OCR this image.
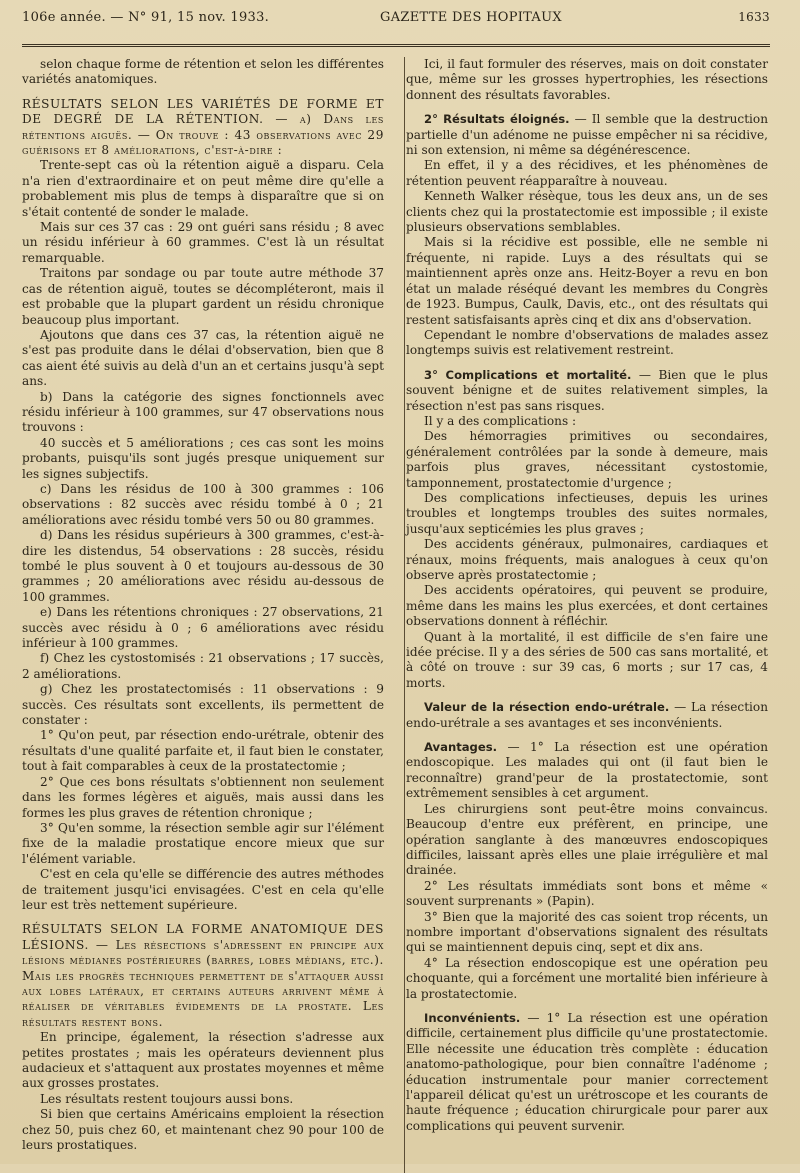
106e année. — N° 91, 15 nov. 1933.	GAZETTE DES HOPITAUX	1633

selon chaque forme de rétention et selon les différentes variétés anatomiques.

RÉSULTATS SELON LES VARIÉTÉS DE FORME ET DE DEGRÉ DE LA RÉTENTION. — a) Dans les rétentions aiguës. — On trouve : 43 observations avec 29 guérisons et 8 améliorations, c'est-à-dire :

Trente-sept cas où la rétention aiguë a disparu. Cela n'a rien d'extraordinaire et on peut même dire qu'elle a probablement mis plus de temps à disparaître que si on s'était contenté de sonder le malade.

Mais sur ces 37 cas : 29 ont guéri sans résidu ; 8 avec un résidu inférieur à 60 grammes. C'est là un résultat remarquable.

Traitons par sondage ou par toute autre méthode 37 cas de rétention aiguë, toutes se décompléteront, mais il est probable que la plupart gardent un résidu chronique beaucoup plus important.

Ajoutons que dans ces 37 cas, la rétention aiguë ne s'est pas produite dans le délai d'observation, bien que 8 cas aient été suivis au delà d'un an et certains jusqu'à sept ans.

b) Dans la catégorie des signes fonctionnels avec résidu inférieur à 100 grammes, sur 47 observations nous trouvons :

40 succès et 5 améliorations ; ces cas sont les moins probants, puisqu'ils sont jugés presque uniquement sur les signes subjectifs.

c) Dans les résidus de 100 à 300 grammes : 106 observations : 82 succès avec résidu tombé à 0 ; 21 améliorations avec résidu tombé vers 50 ou 80 grammes.

d) Dans les résidus supérieurs à 300 grammes, c'est-à-dire les distendus, 54 observations : 28 succès, résidu tombé le plus souvent à 0 et toujours au-dessous de 30 grammes ; 20 améliorations avec résidu au-dessous de 100 grammes.

e) Dans les rétentions chroniques : 27 observations, 21 succès avec résidu à 0 ; 6 améliorations avec résidu inférieur à 100 grammes.

f) Chez les cystostomisés : 21 observations ; 17 succès, 2 améliorations.

g) Chez les prostatectomisés : 11 observations : 9 succès. Ces résultats sont excellents, ils permettent de constater :

1° Qu'on peut, par résection endo-urétrale, obtenir des résultats d'une qualité parfaite et, il faut bien le constater, tout à fait comparables à ceux de la prostatectomie ;

2° Que ces bons résultats s'obtiennent non seulement dans les formes légères et aiguës, mais aussi dans les formes les plus graves de rétention chronique ;

3° Qu'en somme, la résection semble agir sur l'élément fixe de la maladie prostatique encore mieux que sur l'élément variable.

C'est en cela qu'elle se différencie des autres méthodes de traitement jusqu'ici envisagées. C'est en cela qu'elle leur est très nettement supérieure.

RÉSULTATS SELON LA FORME ANATOMIQUE DES LÉSIONS. — Les résections s'adressent en principe aux lésions médianes postérieures (barres, lobes médians, etc.). Mais les progrès techniques permettent de s'attaquer aussi aux lobes latéraux, et certains auteurs arrivent même à réaliser de véritables évidements de la prostate. Les résultats restent bons.

En principe, également, la résection s'adresse aux petites prostates ; mais les opérateurs deviennent plus audacieux et s'attaquent aux prostates moyennes et même aux grosses prostates.

Les résultats restent toujours aussi bons.

Si bien que certains Américains emploient la résection chez 50, puis chez 60, et maintenant chez 90 pour 100 de leurs prostatiques.

Ici, il faut formuler des réserves, mais on doit constater que, même sur les grosses hypertrophies, les résections donnent des résultats favorables.

2° Résultats éloignés. — Il semble que la destruction partielle d'un adénome ne puisse empêcher ni sa récidive, ni son extension, ni même sa dégénérescence.

En effet, il y a des récidives, et les phénomènes de rétention peuvent réapparaître à nouveau.

Kenneth Walker résèque, tous les deux ans, un de ses clients chez qui la prostatectomie est impossible ; il existe plusieurs observations semblables.

Mais si la récidive est possible, elle ne semble ni fréquente, ni rapide. Luys a des résultats qui se maintiennent après onze ans. Heitz-Boyer a revu en bon état un malade réséqué devant les membres du Congrès de 1923. Bumpus, Caulk, Davis, etc., ont des résultats qui restent satisfaisants après cinq et dix ans d'observation.

Cependant le nombre d'observations de malades assez longtemps suivis est relativement restreint.

3° Complications et mortalité. — Bien que le plus souvent bénigne et de suites relativement simples, la résection n'est pas sans risques.

Il y a des complications :

Des hémorragies primitives ou secondaires, généralement contrôlées par la sonde à demeure, mais parfois plus graves, nécessitant cystostomie, tamponnement, prostatectomie d'urgence ;

Des complications infectieuses, depuis les urines troubles et longtemps troubles des suites normales, jusqu'aux septicémies les plus graves ;

Des accidents généraux, pulmonaires, cardiaques et rénaux, moins fréquents, mais analogues à ceux qu'on observe après prostatectomie ;

Des accidents opératoires, qui peuvent se produire, même dans les mains les plus exercées, et dont certaines observations donnent à réfléchir.

Quant à la mortalité, il est difficile de s'en faire une idée précise. Il y a des séries de 500 cas sans mortalité, et à côté on trouve : sur 39 cas, 6 morts ; sur 17 cas, 4 morts.

Valeur de la résection endo-urétrale. — La résection endo-urétrale a ses avantages et ses inconvénients.

Avantages. — 1° La résection est une opération endoscopique. Les malades qui ont (il faut bien le reconnaître) grand'peur de la prostatectomie, sont extrêmement sensibles à cet argument.

Les chirurgiens sont peut-être moins convaincus. Beaucoup d'entre eux préfèrent, en principe, une opération sanglante à des manœuvres endoscopiques difficiles, laissant après elles une plaie irrégulière et mal drainée.

2° Les résultats immédiats sont bons et même « souvent surprenants » (Papin).

3° Bien que la majorité des cas soient trop récents, un nombre important d'observations signalent des résultats qui se maintiennent depuis cinq, sept et dix ans.

4° La résection endoscopique est une opération peu choquante, qui a forcément une mortalité bien inférieure à la prostatectomie.

Inconvénients. — 1° La résection est une opération difficile, certainement plus difficile qu'une prostatectomie. Elle nécessite une éducation très complète : éducation anatomo-pathologique, pour bien connaître l'adénome ; éducation instrumentale pour manier correctement l'appareil délicat qu'est un urétroscope et les courants de haute fréquence ; éducation chirurgicale pour parer aux complications qui peuvent survenir.
